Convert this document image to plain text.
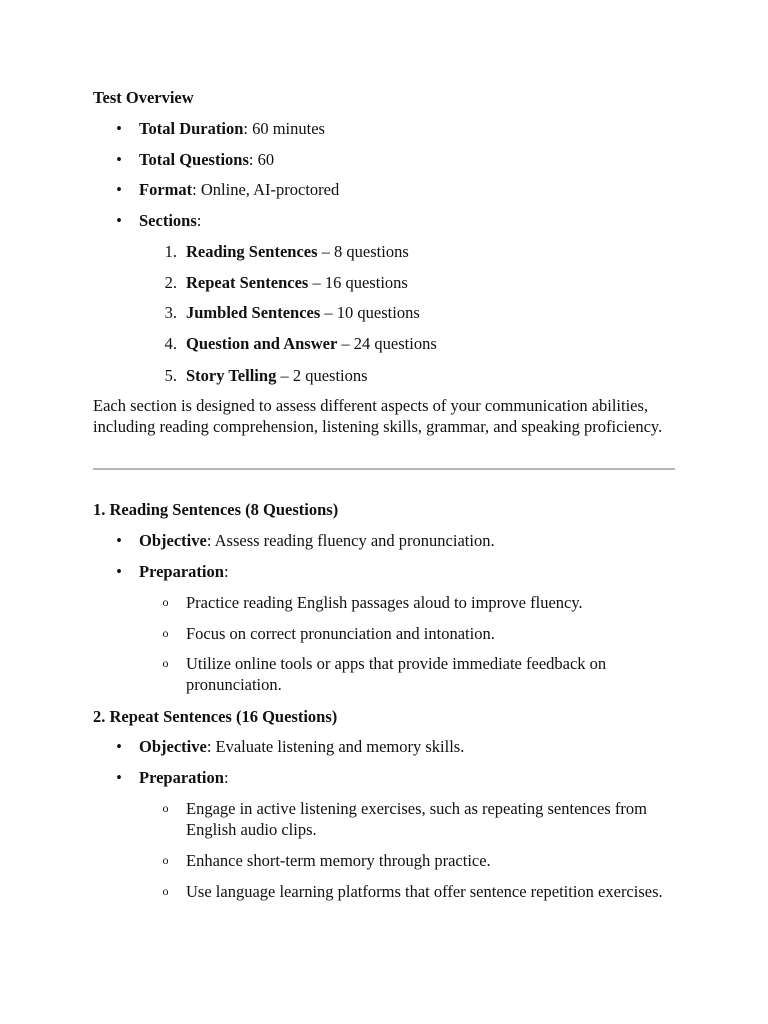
Test Overview
• Total Duration: 60 minutes
• Total Questions: 60
• Format: Online, AI-proctored
• Sections:
1. Reading Sentences – 8 questions
2. Repeat Sentences – 16 questions
3. Jumbled Sentences – 10 questions
4. Question and Answer – 24 questions
5. Story Telling – 2 questions
Each section is designed to assess different aspects of your communication abilities, including reading comprehension, listening skills, grammar, and speaking proficiency.
1. Reading Sentences (8 Questions)
• Objective: Assess reading fluency and pronunciation.
• Preparation:
o Practice reading English passages aloud to improve fluency.
o Focus on correct pronunciation and intonation.
o Utilize online tools or apps that provide immediate feedback on pronunciation.
2. Repeat Sentences (16 Questions)
• Objective: Evaluate listening and memory skills.
• Preparation:
o Engage in active listening exercises, such as repeating sentences from English audio clips.
o Enhance short-term memory through practice.
o Use language learning platforms that offer sentence repetition exercises.
